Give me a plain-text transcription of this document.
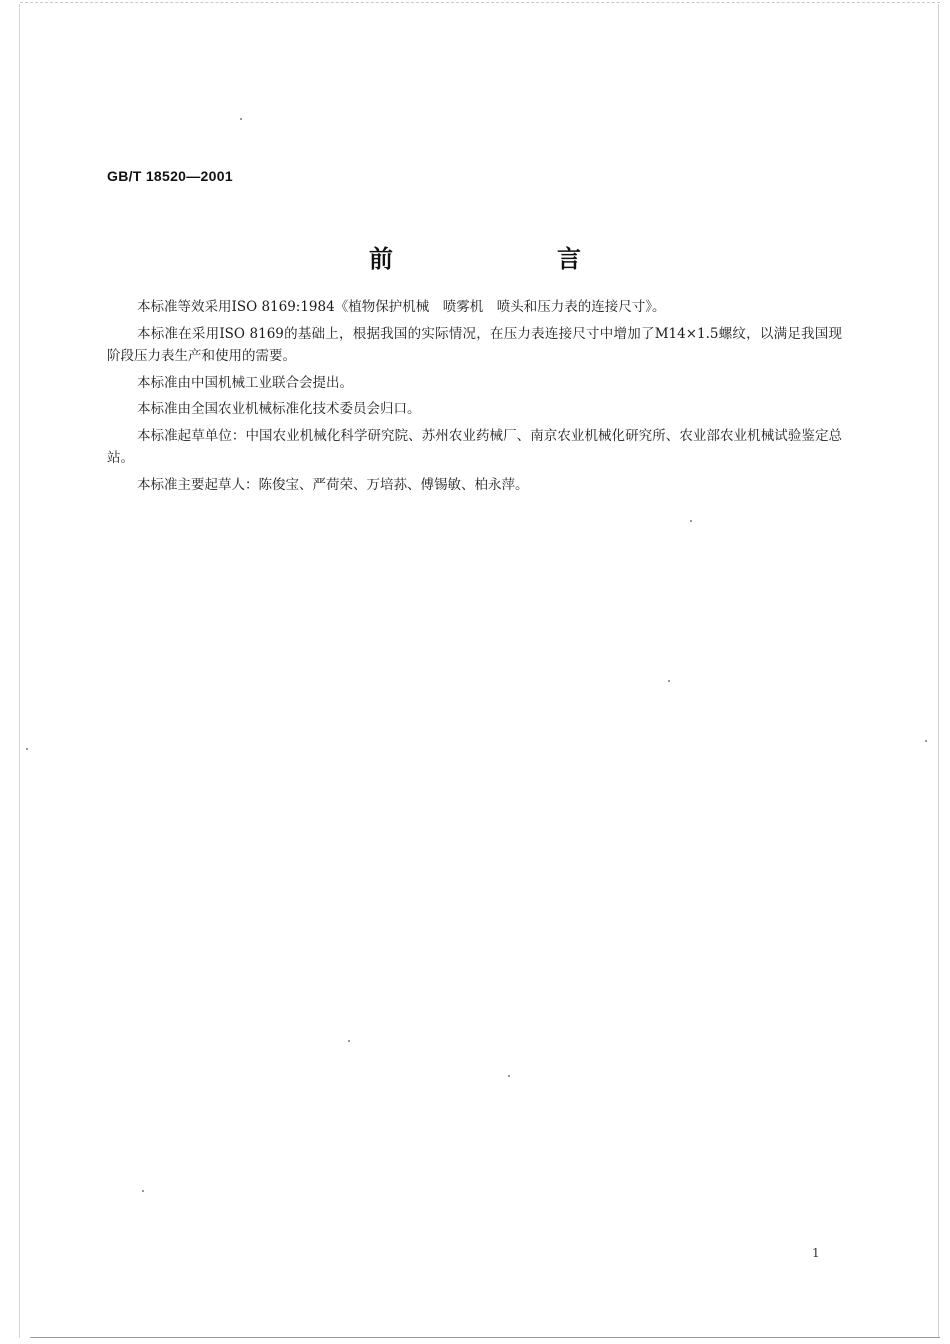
GB/T 18520—2001
前　言

本标准等效采用ISO 8169:1984《植物保护机械　喷雾机　喷头和压力表的连接尺寸》。

本标准在采用ISO 8169的基础上，根据我国的实际情况，在压力表连接尺寸中增加了M14×1.5螺纹，以满足我国现阶段压力表生产和使用的需要。

本标准由中国机械工业联合会提出。

本标准由全国农业机械标准化技术委员会归口。

本标准起草单位：中国农业机械化科学研究院、苏州农业药械厂、南京农业机械化研究所、农业部农业机械试验鉴定总站。

本标准主要起草人：陈俊宝、严荷荣、万培荪、傅锡敏、柏永萍。

1
